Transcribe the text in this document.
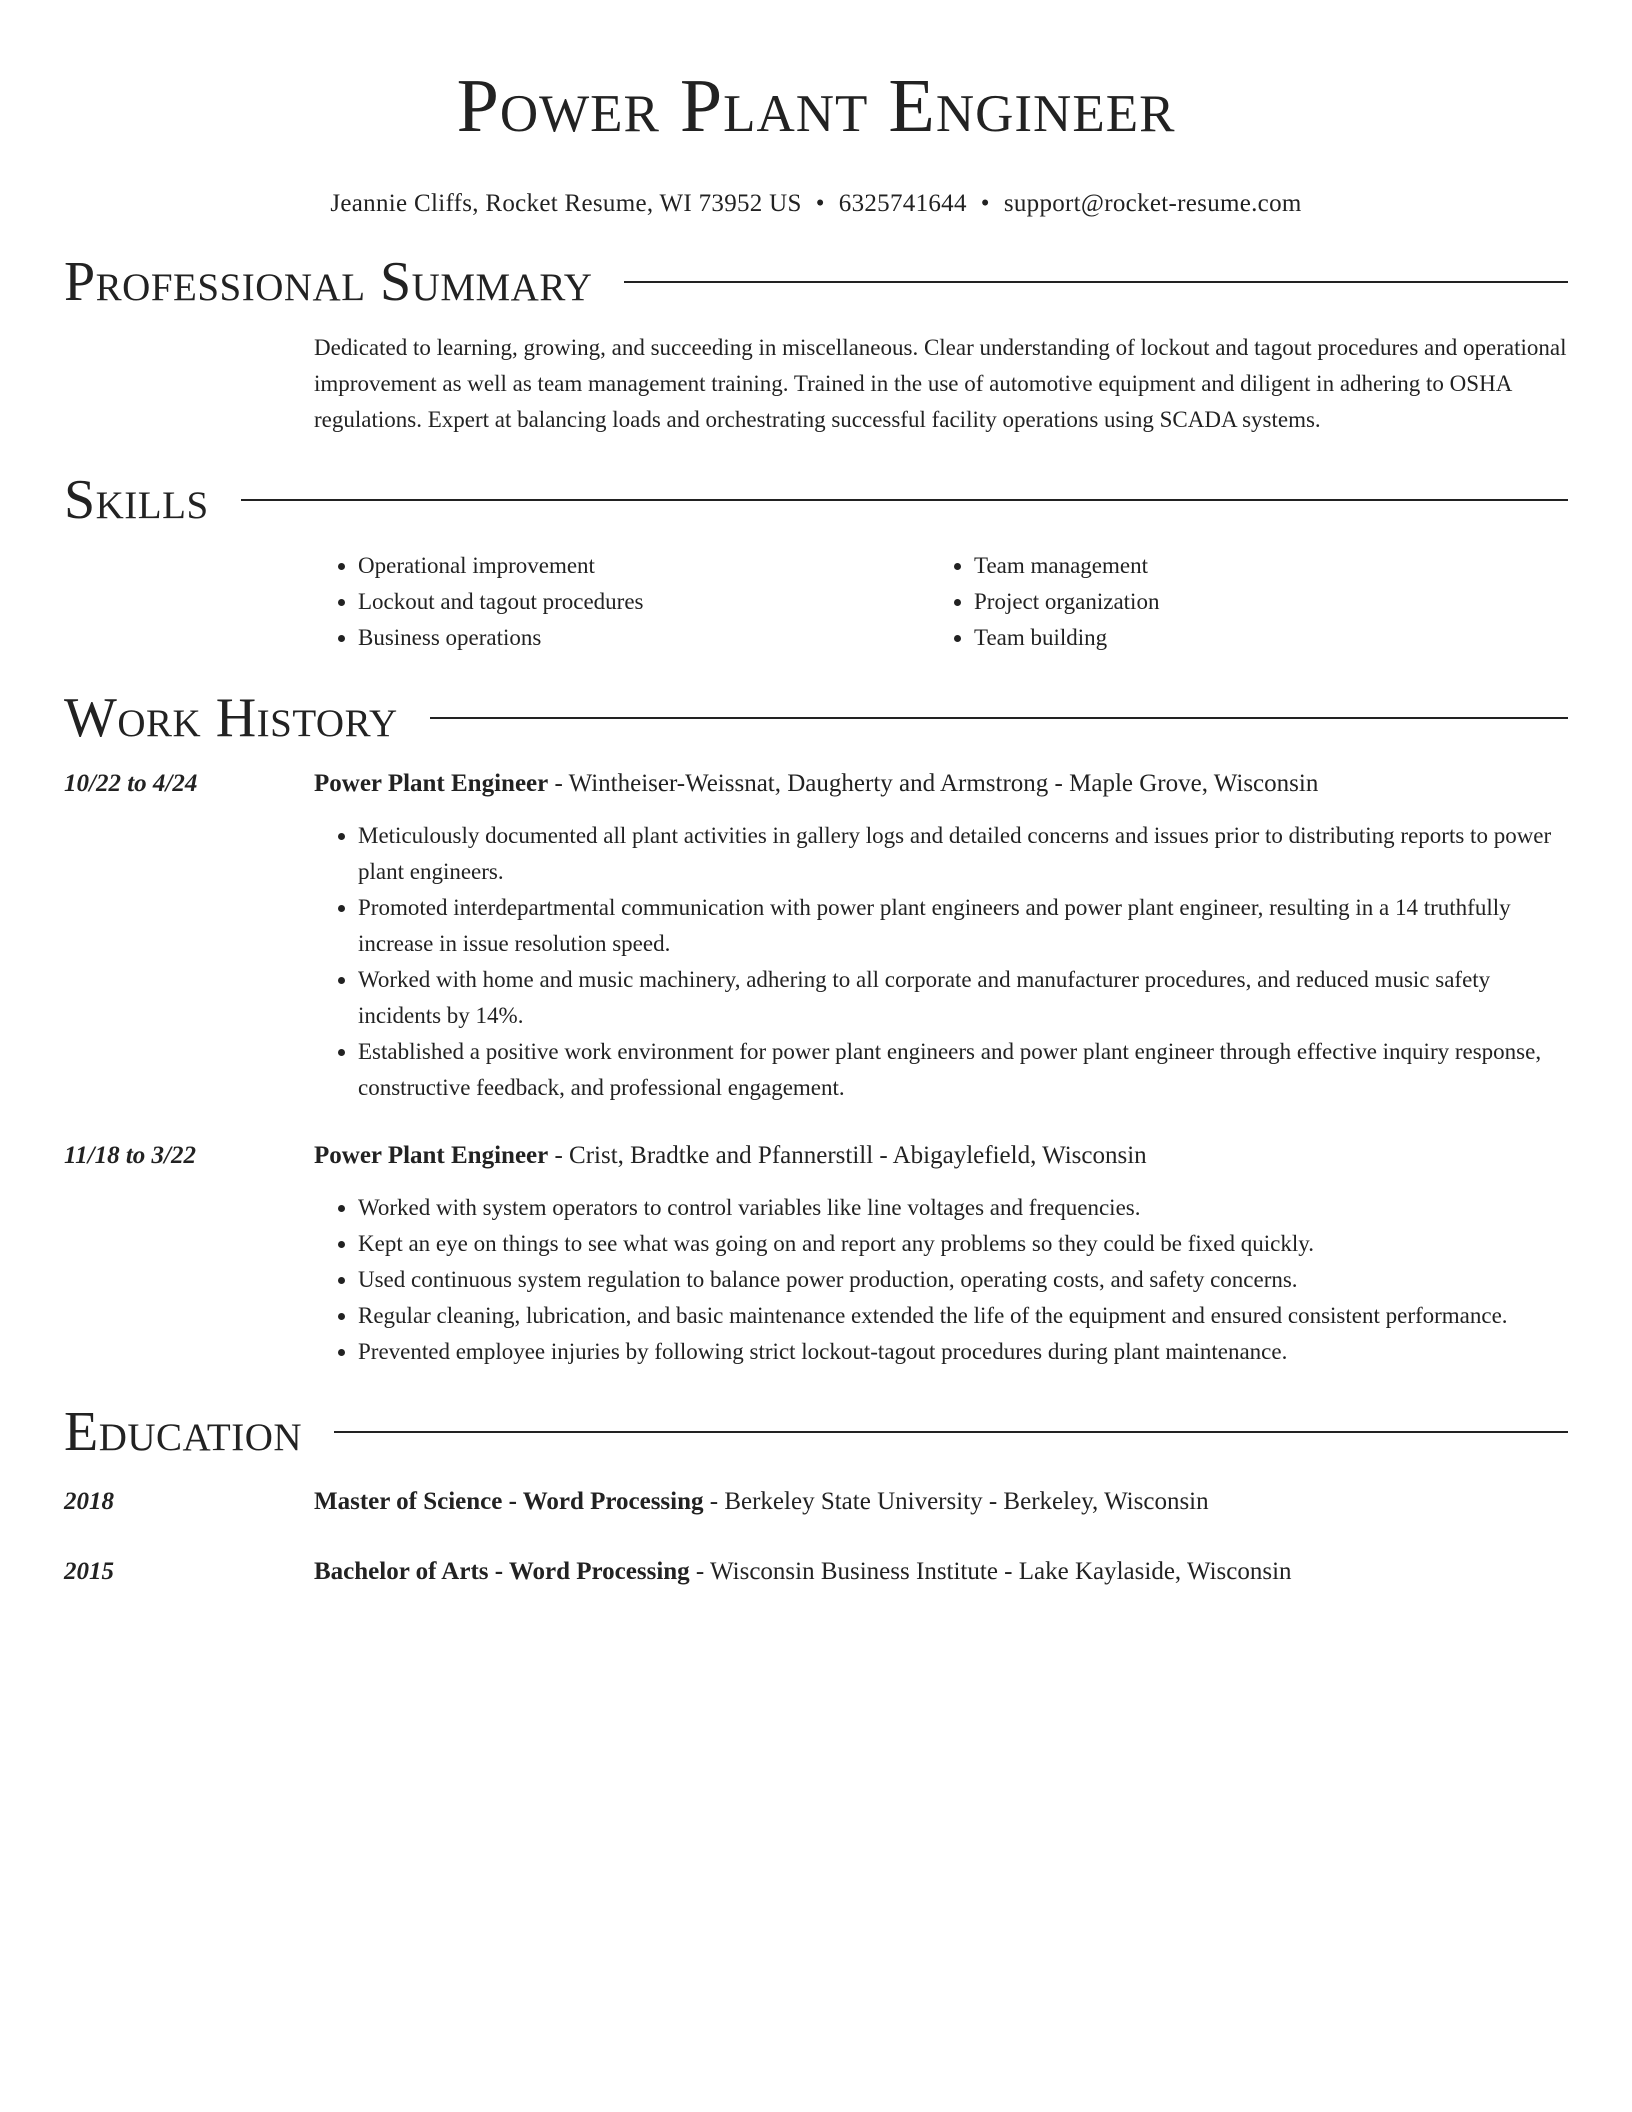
Power Plant Engineer
Jeannie Cliffs, Rocket Resume, WI 73952 US • 6325741644 • support@rocket-resume.com
Professional Summary

Dedicated to learning, growing, and succeeding in miscellaneous. Clear understanding of lockout and tagout procedures and operational improvement as well as team management training. Trained in the use of automotive equipment and diligent in adhering to OSHA regulations. Expert at balancing loads and orchestrating successful facility operations using SCADA systems.

Skills
• Operational improvement
• Lockout and tagout procedures
• Business operations
• Team management
• Project organization
• Team building
Work History
10/22 to 4/24	Power Plant Engineer - Wintheiser-Weissnat, Daugherty and Armstrong - Maple Grove, Wisconsin
• Meticulously documented all plant activities in gallery logs and detailed concerns and issues prior to distributing reports to power plant engineers.
• Promoted interdepartmental communication with power plant engineers and power plant engineer, resulting in a 14 truthfully increase in issue resolution speed.
• Worked with home and music machinery, adhering to all corporate and manufacturer procedures, and reduced music safety incidents by 14%.
• Established a positive work environment for power plant engineers and power plant engineer through effective inquiry response, constructive feedback, and professional engagement.
11/18 to 3/22	Power Plant Engineer - Crist, Bradtke and Pfannerstill - Abigaylefield, Wisconsin
• Worked with system operators to control variables like line voltages and frequencies.
• Kept an eye on things to see what was going on and report any problems so they could be fixed quickly.
• Used continuous system regulation to balance power production, operating costs, and safety concerns.
• Regular cleaning, lubrication, and basic maintenance extended the life of the equipment and ensured consistent performance.
• Prevented employee injuries by following strict lockout-tagout procedures during plant maintenance.
Education
2018	Master of Science - Word Processing - Berkeley State University - Berkeley, Wisconsin
2015	Bachelor of Arts - Word Processing - Wisconsin Business Institute - Lake Kaylaside, Wisconsin
